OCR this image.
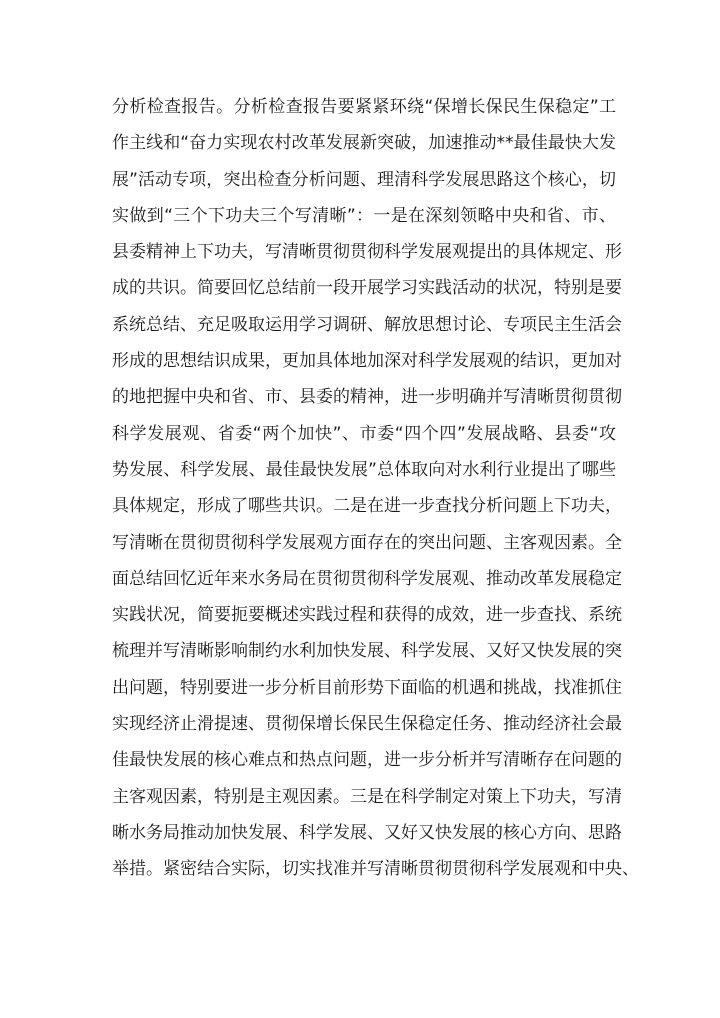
分析检查报告。分析检查报告要紧紧环绕“保增长保民生保稳定”工
作主线和“奋力实现农村改革发展新突破，加速推动**最佳最快大发
展”活动专项，突出检查分析问题、理清科学发展思路这个核心，切
实做到“三个下功夫三个写清晰”：一是在深刻领略中央和省、市、
县委精神上下功夫，写清晰贯彻贯彻科学发展观提出的具体规定、形
成的共识。简要回忆总结前一段开展学习实践活动的状况，特别是要
系统总结、充足吸取运用学习调研、解放思想讨论、专项民主生活会
形成的思想结识成果，更加具体地加深对科学发展观的结识，更加对
的地把握中央和省、市、县委的精神，进一步明确并写清晰贯彻贯彻
科学发展观、省委“两个加快”、市委“四个四”发展战略、县委“攻
势发展、科学发展、最佳最快发展”总体取向对水利行业提出了哪些
具体规定，形成了哪些共识。二是在进一步查找分析问题上下功夫，
写清晰在贯彻贯彻科学发展观方面存在的突出问题、主客观因素。全
面总结回忆近年来水务局在贯彻贯彻科学发展观、推动改革发展稳定
实践状况，简要扼要概述实践过程和获得的成效，进一步查找、系统
梳理并写清晰影响制约水利加快发展、科学发展、又好又快发展的突
出问题，特别要进一步分析目前形势下面临的机遇和挑战，找准抓住
实现经济止滑提速、贯彻保增长保民生保稳定任务、推动经济社会最
佳最快发展的核心难点和热点问题，进一步分析并写清晰存在问题的
主客观因素，特别是主观因素。三是在科学制定对策上下功夫，写清
晰水务局推动加快发展、科学发展、又好又快发展的核心方向、思路
举措。紧密结合实际，切实找准并写清晰贯彻贯彻科学发展观和中央、
